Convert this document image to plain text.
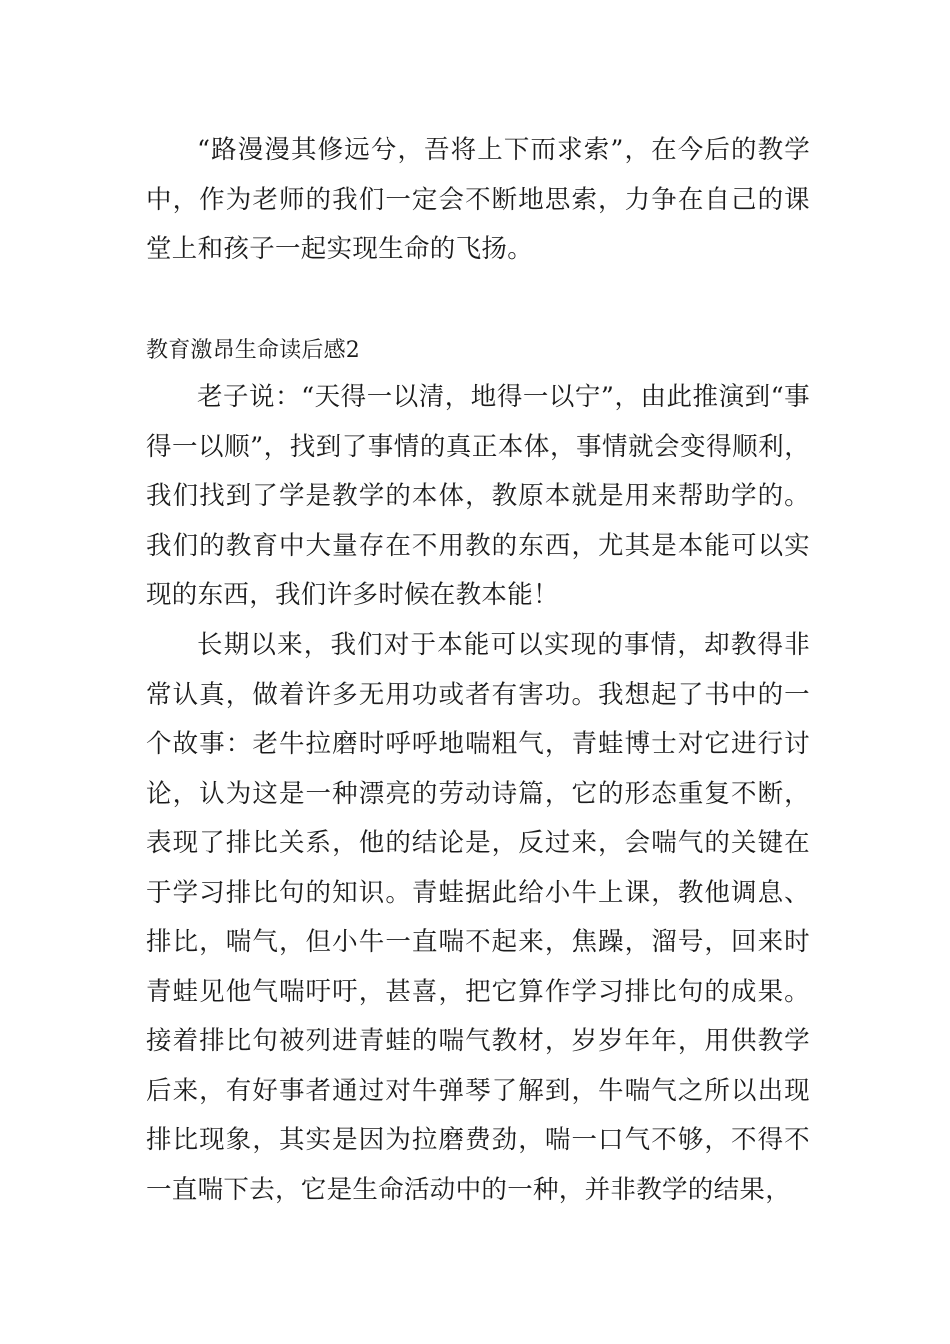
“路漫漫其修远兮，吾将上下而求索”，在今后的教学中，作为老师的我们一定会不断地思索，力争在自己的课堂上和孩子一起实现生命的飞扬。

教育激昂生命读后感2

老子说：“天得一以清，地得一以宁”，由此推演到“事得一以顺”，找到了事情的真正本体，事情就会变得顺利，我们找到了学是教学的本体，教原本就是用来帮助学的。我们的教育中大量存在不用教的东西，尤其是本能可以实现的东西，我们许多时候在教本能！

长期以来，我们对于本能可以实现的事情，却教得非常认真，做着许多无用功或者有害功。我想起了书中的一个故事：老牛拉磨时呼呼地喘粗气，青蛙博士对它进行讨论，认为这是一种漂亮的劳动诗篇，它的形态重复不断，表现了排比关系，他的结论是，反过来，会喘气的关键在于学习排比句的知识。青蛙据此给小牛上课，教他调息、排比，喘气，但小牛一直喘不起来，焦躁，溜号，回来时青蛙见他气喘吁吁，甚喜，把它算作学习排比句的成果。接着排比句被列进青蛙的喘气教材，岁岁年年，用供教学后来，有好事者通过对牛弹琴了解到，牛喘气之所以出现排比现象，其实是因为拉磨费劲，喘一口气不够，不得不一直喘下去，它是生命活动中的一种，并非教学的结果，
